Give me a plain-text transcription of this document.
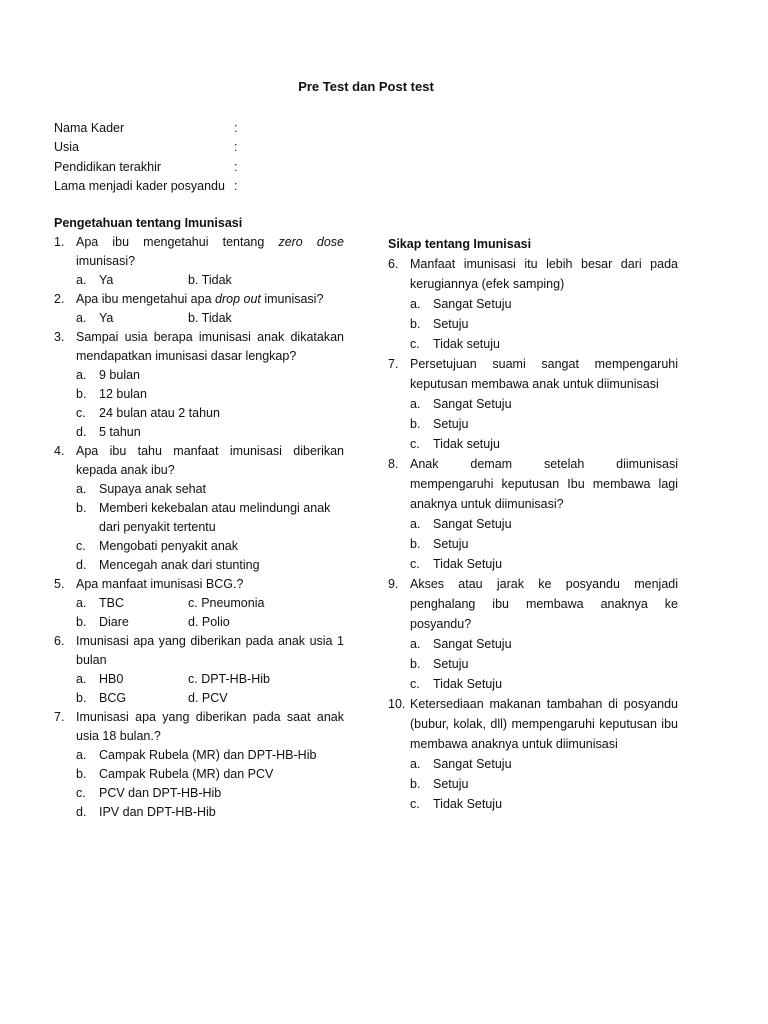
Pre Test dan Post test
Nama Kader	:
Usia	:
Pendidikan terakhir	:
Lama menjadi kader posyandu :
Pengetahuan tentang Imunisasi
1. Apa ibu mengetahui tentang zero dose imunisasi?
a.	Ya	b. Tidak
2. Apa ibu mengetahui apa drop out imunisasi?
a.	Ya	b. Tidak
3. Sampai usia berapa imunisasi anak dikatakan mendapatkan imunisasi dasar lengkap?
a.	9 bulan
b.	12 bulan
c.	24 bulan atau 2 tahun
d.	5 tahun
4. Apa ibu tahu manfaat imunisasi diberikan kepada anak ibu?
a.	Supaya anak sehat
b.	Memberi kekebalan atau melindungi anak dari penyakit tertentu
c.	Mengobati penyakit anak
d.	Mencegah anak dari stunting
5. Apa manfaat imunisasi BCG.?
a.	TBC	c. Pneumonia
b.	Diare	d. Polio
6. Imunisasi apa yang diberikan pada anak usia 1 bulan
a.	HB0	c. DPT-HB-Hib
b.	BCG	d. PCV
7. Imunisasi apa yang diberikan pada saat anak usia 18 bulan.?
a.	Campak Rubela (MR) dan DPT-HB-Hib
b.	Campak Rubela (MR) dan PCV
c.	PCV dan DPT-HB-Hib
d.	IPV dan DPT-HB-Hib
Sikap tentang Imunisasi
6. Manfaat imunisasi itu lebih besar dari pada kerugiannya (efek samping)
a.	Sangat Setuju
b.	Setuju
c.	Tidak setuju
7. Persetujuan suami sangat mempengaruhi keputusan membawa anak untuk diimunisasi
a.	Sangat Setuju
b.	Setuju
c.	Tidak setuju
8. Anak demam setelah diimunisasi mempengaruhi keputusan Ibu membawa lagi anaknya untuk diimunisasi?
a.	Sangat Setuju
b.	Setuju
c.	Tidak Setuju
9. Akses atau jarak ke posyandu menjadi penghalang ibu membawa anaknya ke posyandu?
a.	Sangat Setuju
b.	Setuju
c.	Tidak Setuju
10. Ketersediaan makanan tambahan di posyandu (bubur, kolak, dll) mempengaruhi keputusan ibu membawa anaknya untuk diimunisasi
a.	Sangat Setuju
b.	Setuju
c.	Tidak Setuju
